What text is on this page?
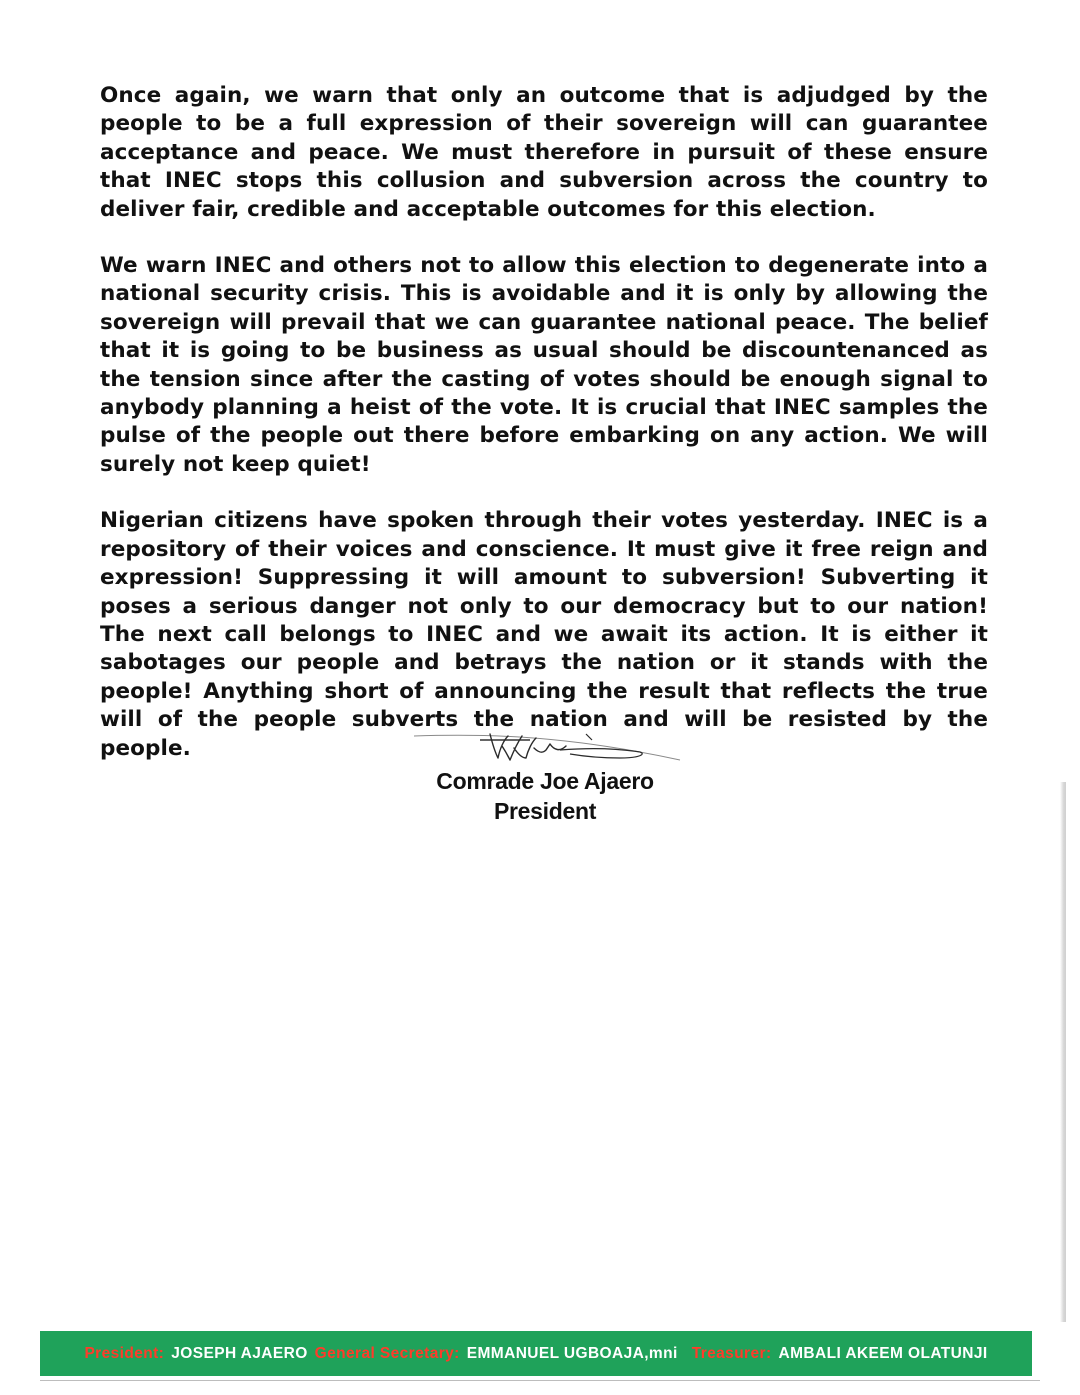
Once again, we warn that only an outcome that is adjudged by the people to be a full expression of their sovereign will can guarantee acceptance and peace. We must therefore in pursuit of these ensure that INEC stops this collusion and subversion across the country to deliver fair, credible and acceptable outcomes for this election.

We warn INEC and others not to allow this election to degenerate into a national security crisis. This is avoidable and it is only by allowing the sovereign will prevail that we can guarantee national peace. The belief that it is going to be business as usual should be discountenanced as the tension since after the casting of votes should be enough signal to anybody planning a heist of the vote. It is crucial that INEC samples the pulse of the people out there before embarking on any action. We will surely not keep quiet!

Nigerian citizens have spoken through their votes yesterday. INEC is a repository of their voices and conscience. It must give it free reign and expression! Suppressing it will amount to subversion! Subverting it poses a serious danger not only to our democracy but to our nation! The next call belongs to INEC and we await its action. It is either it sabotages our people and betrays the nation or it stands with the people! Anything short of announcing the result that reflects the true will of the people subverts the nation and will be resisted by the people.

Comrade Joe Ajaero
President
President: JOSEPH AJAERO General Secretary: EMMANUEL UGBOAJA,mni Treasurer: AMBALI AKEEM OLATUNJI
